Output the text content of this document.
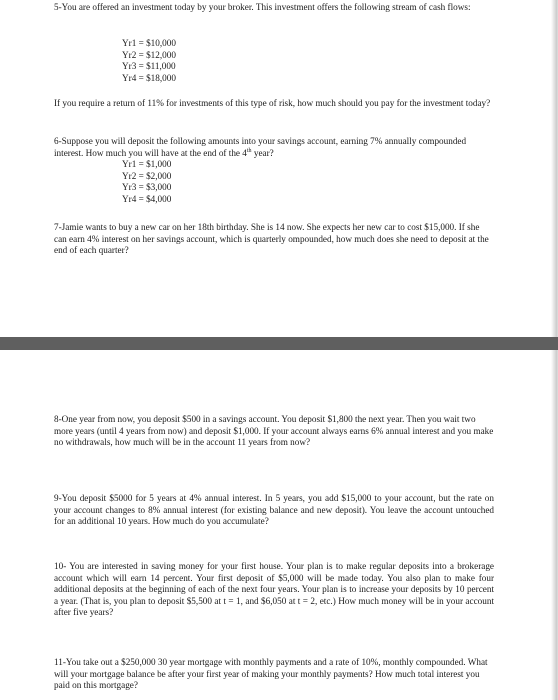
5-You are offered an investment today by your broker. This investment offers the following stream of cash flows:

Yr1 = $10,000
Yr2 = $12,000
Yr3 = $11,000
Yr4 = $18,000

If you require a return of 11% for investments of this type of risk, how much should you pay for the investment today?

6-Suppose you will deposit the following amounts into your savings account, earning 7% annually compounded interest. How much you will have at the end of the 4th year?

Yr1 = $1,000
Yr2 = $2,000
Yr3 = $3,000
Yr4 = $4,000

7-Jamie wants to buy a new car on her 18th birthday. She is 14 now. She expects her new car to cost $15,000. If she can earn 4% interest on her savings account, which is quarterly ompounded, how much does she need to deposit at the end of each quarter?

8-One year from now, you deposit $500 in a savings account. You deposit $1,800 the next year. Then you wait two more years (until 4 years from now) and deposit $1,000. If your account always earns 6% annual interest and you make no withdrawals, how much will be in the account 11 years from now?

9-You deposit $5000 for 5 years at 4% annual interest. In 5 years, you add $15,000 to your account, but the rate on your account changes to 8% annual interest (for existing balance and new deposit). You leave the account untouched for an additional 10 years. How much do you accumulate?

10- You are interested in saving money for your first house. Your plan is to make regular deposits into a brokerage account which will earn 14 percent. Your first deposit of $5,000 will be made today. You also plan to make four additional deposits at the beginning of each of the next four years. Your plan is to increase your deposits by 10 percent a year. (That is, you plan to deposit $5,500 at t = 1, and $6,050 at t = 2, etc.) How much money will be in your account after five years?

11-You take out a $250,000 30 year mortgage with monthly payments and a rate of 10%, monthly compounded. What will your mortgage balance be after your first year of making your monthly payments? How much total interest you paid on this mortgage?
